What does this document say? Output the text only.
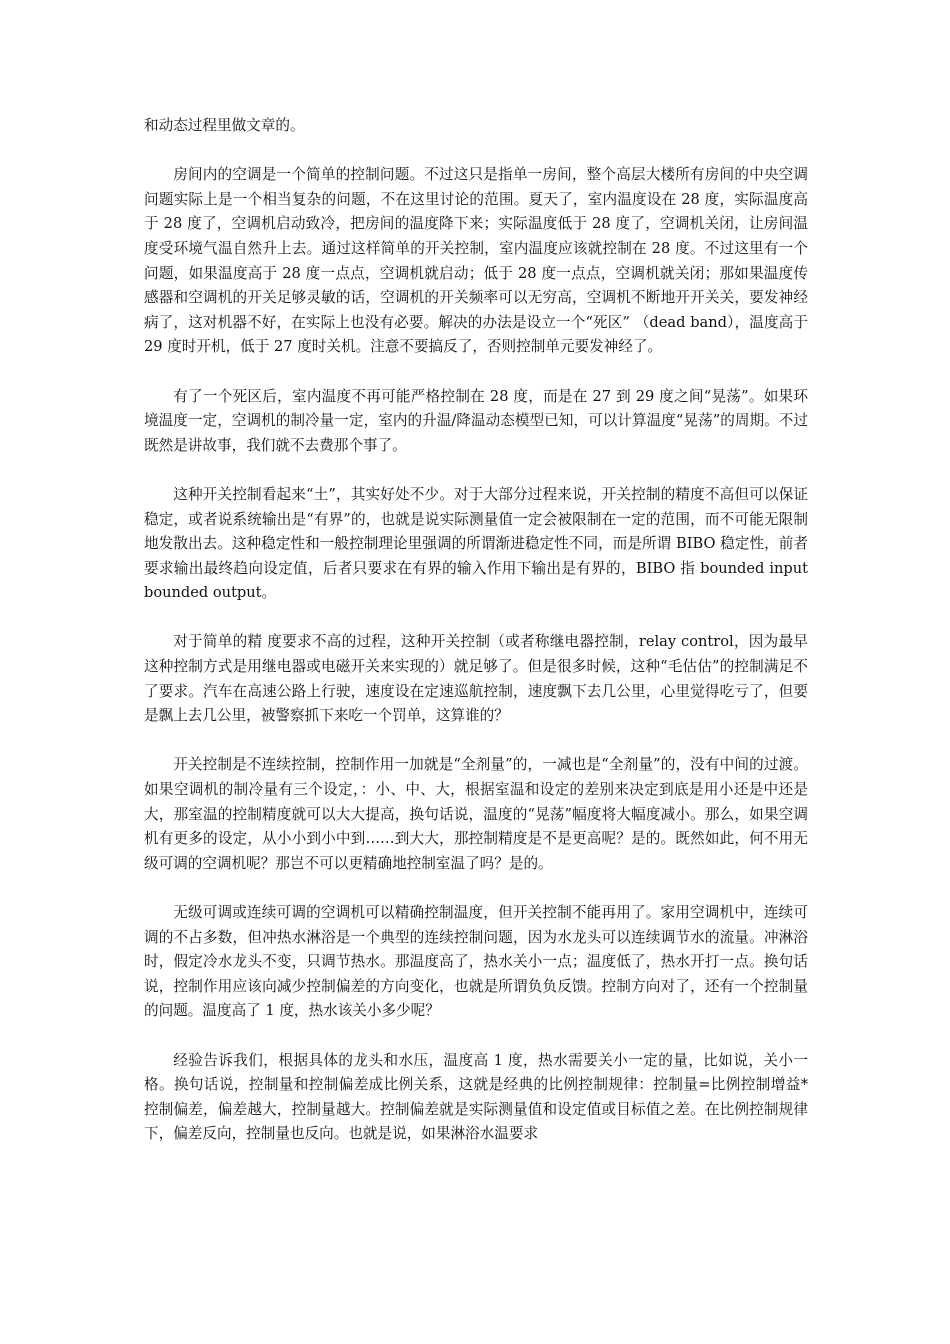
和动态过程里做文章的。

房间内的空调是一个简单的控制问题。不过这只是指单一房间，整个高层大楼所有房间的中央空调问题实际上是一个相当复杂的问题，不在这里讨论的范围。夏天了，室内温度设在 28 度，实际温度高于 28 度了，空调机启动致冷，把房间的温度降下来；实际温度低于 28 度了，空调机关闭，让房间温度受环境气温自然升上去。通过这样简单的开关控制，室内温度应该就控制在 28 度。不过这里有一个问题，如果温度高于 28 度一点点，空调机就启动；低于 28 度一点点，空调机就关闭；那如果温度传感器和空调机的开关足够灵敏的话，空调机的开关频率可以无穷高，空调机不断地开开关关，要发神经病了，这对机器不好，在实际上也没有必要。解决的办法是设立一个“死区” （dead band），温度高于 29 度时开机，低于 27 度时关机。注意不要搞反了，否则控制单元要发神经了。

有了一个死区后，室内温度不再可能严格控制在 28 度，而是在 27 到 29 度之间“晃荡”。如果环境温度一定，空调机的制冷量一定，室内的升温/降温动态模型已知，可以计算温度“晃荡”的周期。不过既然是讲故事，我们就不去费那个事了。

这种开关控制看起来“土”，其实好处不少。对于大部分过程来说，开关控制的精度不高但可以保证稳定，或者说系统输出是“有界”的，也就是说实际测量值一定会被限制在一定的范围，而不可能无限制地发散出去。这种稳定性和一般控制理论里强调的所谓渐进稳定性不同，而是所谓 BIBO 稳定性，前者要求输出最终趋向设定值，后者只要求在有界的输入作用下输出是有界的，BIBO 指 bounded input bounded output。

对于简单的精 度要求不高的过程，这种开关控制（或者称继电器控制，relay control，因为最早这种控制方式是用继电器或电磁开关来实现的）就足够了。但是很多时候，这种“毛估估”的控制满足不了要求。汽车在高速公路上行驶，速度设在定速巡航控制，速度飘下去几公里，心里觉得吃亏了，但要是飘上去几公里，被警察抓下来吃一个罚单，这算谁的？

开关控制是不连续控制，控制作用一加就是“全剂量”的，一减也是“全剂量”的，没有中间的过渡。如果空调机的制冷量有三个设定，：小、中、大，根据室温和设定的差别来决定到底是用小还是中还是大，那室温的控制精度就可以大大提高，换句话说，温度的“晃荡”幅度将大幅度减小。那么，如果空调机有更多的设定，从小小到小中到……到大大，那控制精度是不是更高呢？是的。既然如此，何不用无级可调的空调机呢？那岂不可以更精确地控制室温了吗？是的。

无级可调或连续可调的空调机可以精确控制温度，但开关控制不能再用了。家用空调机中，连续可调的不占多数，但冲热水淋浴是一个典型的连续控制问题，因为水龙头可以连续调节水的流量。冲淋浴时，假定冷水龙头不变，只调节热水。那温度高了，热水关小一点；温度低了，热水开打一点。换句话说，控制作用应该向减少控制偏差的方向变化，也就是所谓负负反馈。控制方向对了，还有一个控制量的问题。温度高了 1 度，热水该关小多少呢？

经验告诉我们，根据具体的龙头和水压，温度高 1 度，热水需要关小一定的量，比如说，关小一格。换句话说，控制量和控制偏差成比例关系，这就是经典的比例控制规律：控制量=比例控制增益* 控制偏差，偏差越大，控制量越大。控制偏差就是实际测量值和设定值或目标值之差。在比例控制规律下，偏差反向，控制量也反向。也就是说，如果淋浴水温要求
